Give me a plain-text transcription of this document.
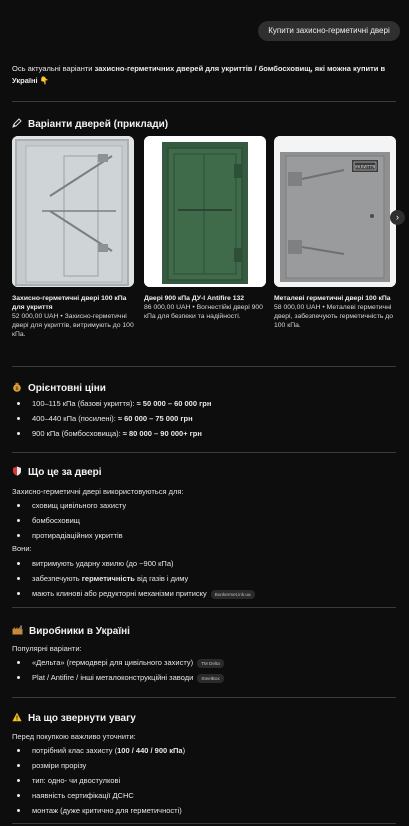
Купити захисно-герметичні двері
Ось актуальні варіанти захисно-герметичних дверей для укриттів / бомбосховищ, які можна купити в Україні 👇
Варіанти дверей (приклади)
Захисно-герметичні двері 100 кПа для укриття
52 000,00 UAH • Захисно-герметичні двері для укриттів, витримують до 100 кПа.
Двері 900 кПа ДУ-І Antifire 132
86 000,00 UAH • Вогнестійкі двері 900 кПа для безпеки та надійності.
УКРИТТЯ
Металеві герметичні двері 100 кПа
58 000,00 UAH • Металеві герметичні двері, забезпечують герметичність до 100 кПа.
›
$ Орієнтовні ціни
100–115 кПа (базові укриття): ≈ 50 000 – 60 000 грн
400–440 кПа (посилені): ≈ 60 000 – 75 000 грн
900 кПа (бомбосховища): ≈ 80 000 – 90 000+ грн
Що це за двері
Захисно-герметичні двері використовуються для:
сховищ цивільного захисту
бомбосховищ
протирадіаційних укриттів
Вони:
витримують ударну хвилю (до ~900 кПа)
забезпечують герметичність від газів і диму
мають клинові або редукторні механізми притиску Bunkermet.ink.ua
Виробники в Україні
Популярні варіанти:
«Дельта» (гермодвері для цивільного захисту) TM Delta
Plat / Antifire / інші металоконструкційні заводи SteelBox
На що звернути увагу
Перед покупкою важливо уточнити:
потрібний клас захисту (100 / 440 / 900 кПа)
розміри прорізу
тип: одно- чи двостулкові
наявність сертифікації ДСНС
монтаж (дуже критично для герметичності)
